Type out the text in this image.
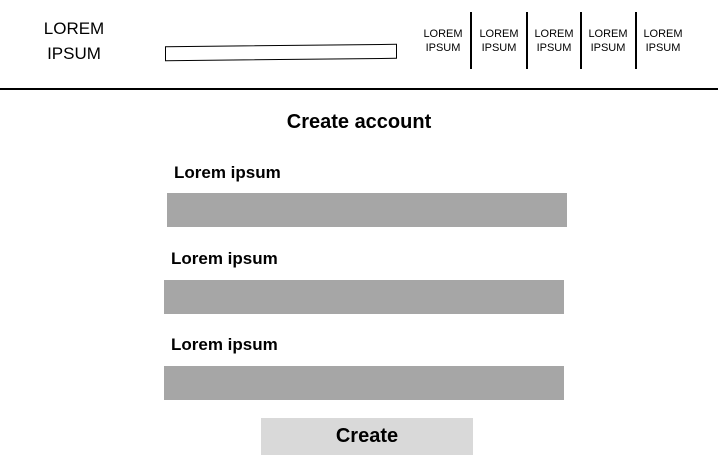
LOREM
IPSUM
LOREM
IPSUM
LOREM
IPSUM
LOREM
IPSUM
LOREM
IPSUM
LOREM
IPSUM
Create account
Lorem ipsum
Lorem ipsum
Lorem ipsum
Create
